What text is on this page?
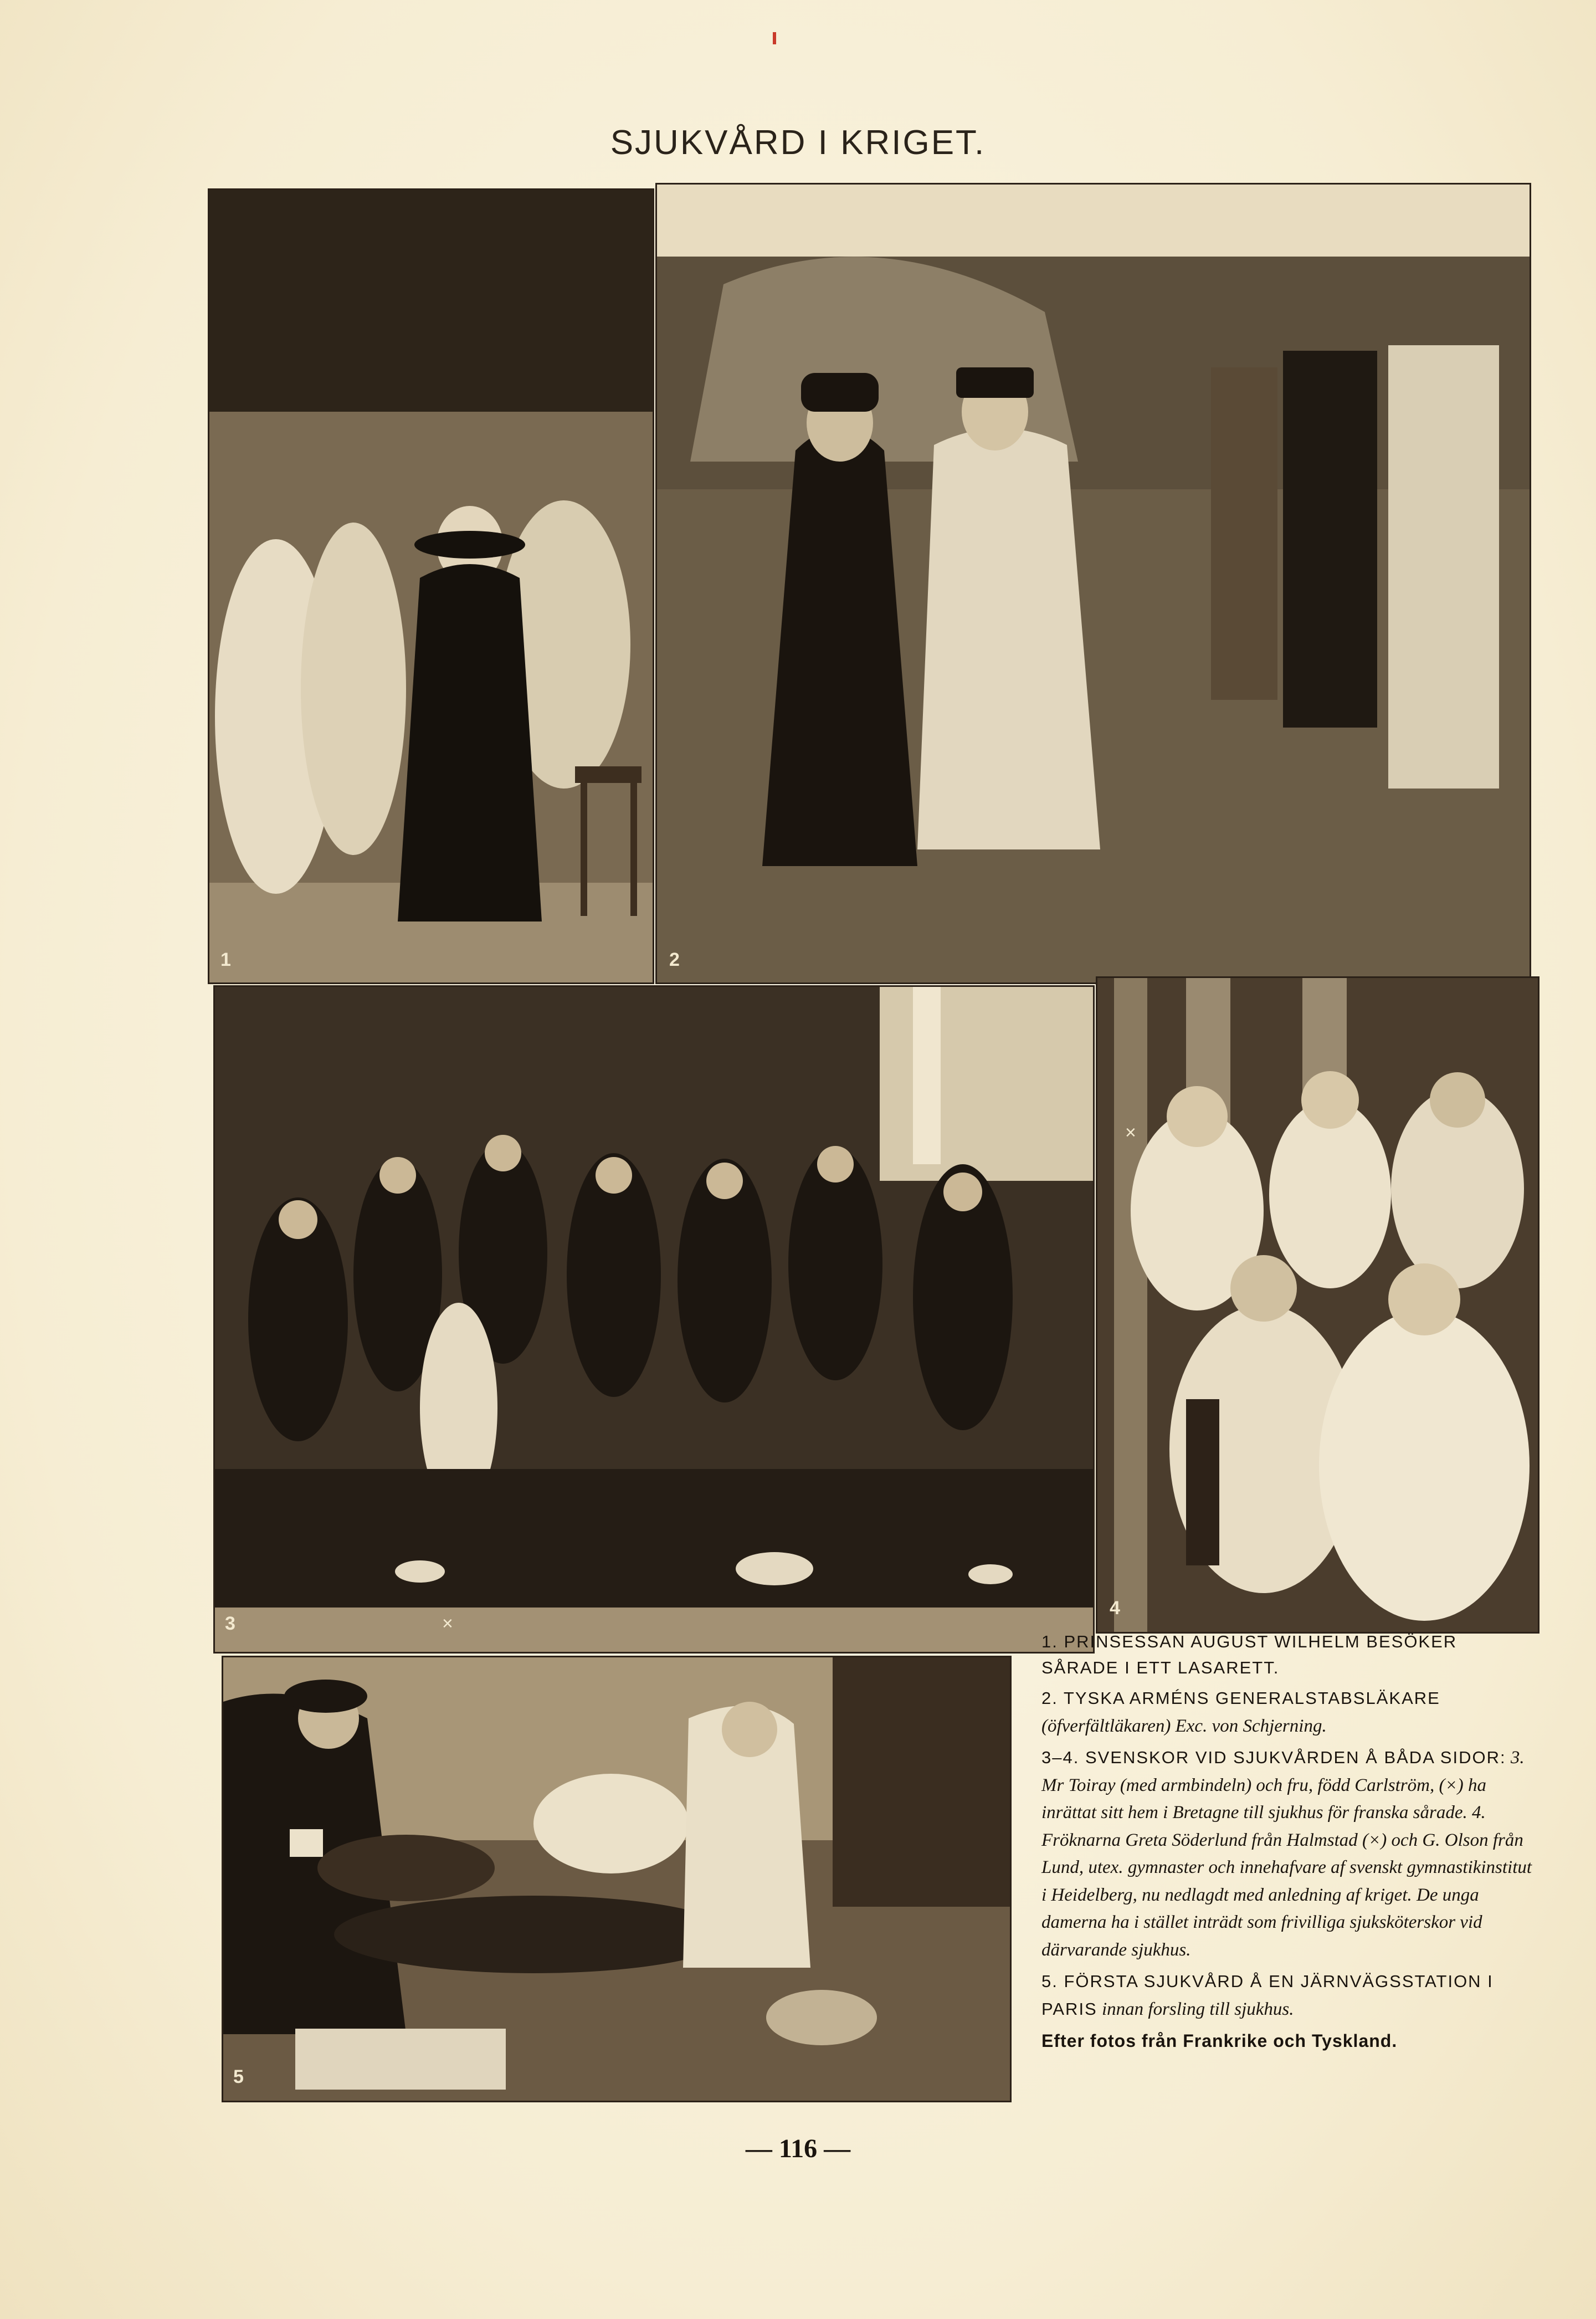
SJUKVÅRD I KRIGET.
1	2
3	×
4
×
5

1. PRINSESSAN AUGUST WILHELM BESÖKER SÅRADE I ETT LASARETT.

2. TYSKA ARMÉNS GENERALSTABSLÄKARE (öfverfältläkaren) Exc. von Schjerning.

3–4. SVENSKOR VID SJUKVÅRDEN Å BÅDA SIDOR: 3. Mr Toiray (med armbindeln) och fru, född Carlström, (×) ha inrättat sitt hem i Bretagne till sjukhus för franska sårade. 4. Fröknarna Greta Söderlund från Halmstad (×) och G. Olson från Lund, utex. gymnaster och innehafvare af svenskt gymnastikinstitut i Heidelberg, nu nedlagdt med anledning af kriget. De unga damerna ha i stället inträdt som frivilliga sjuksköterskor vid därvarande sjukhus.

5. FÖRSTA SJUKVÅRD Å EN JÄRNVÄGSSTATION I PARIS innan forsling till sjukhus.

Efter fotos från Frankrike och Tyskland.

— 116 —
